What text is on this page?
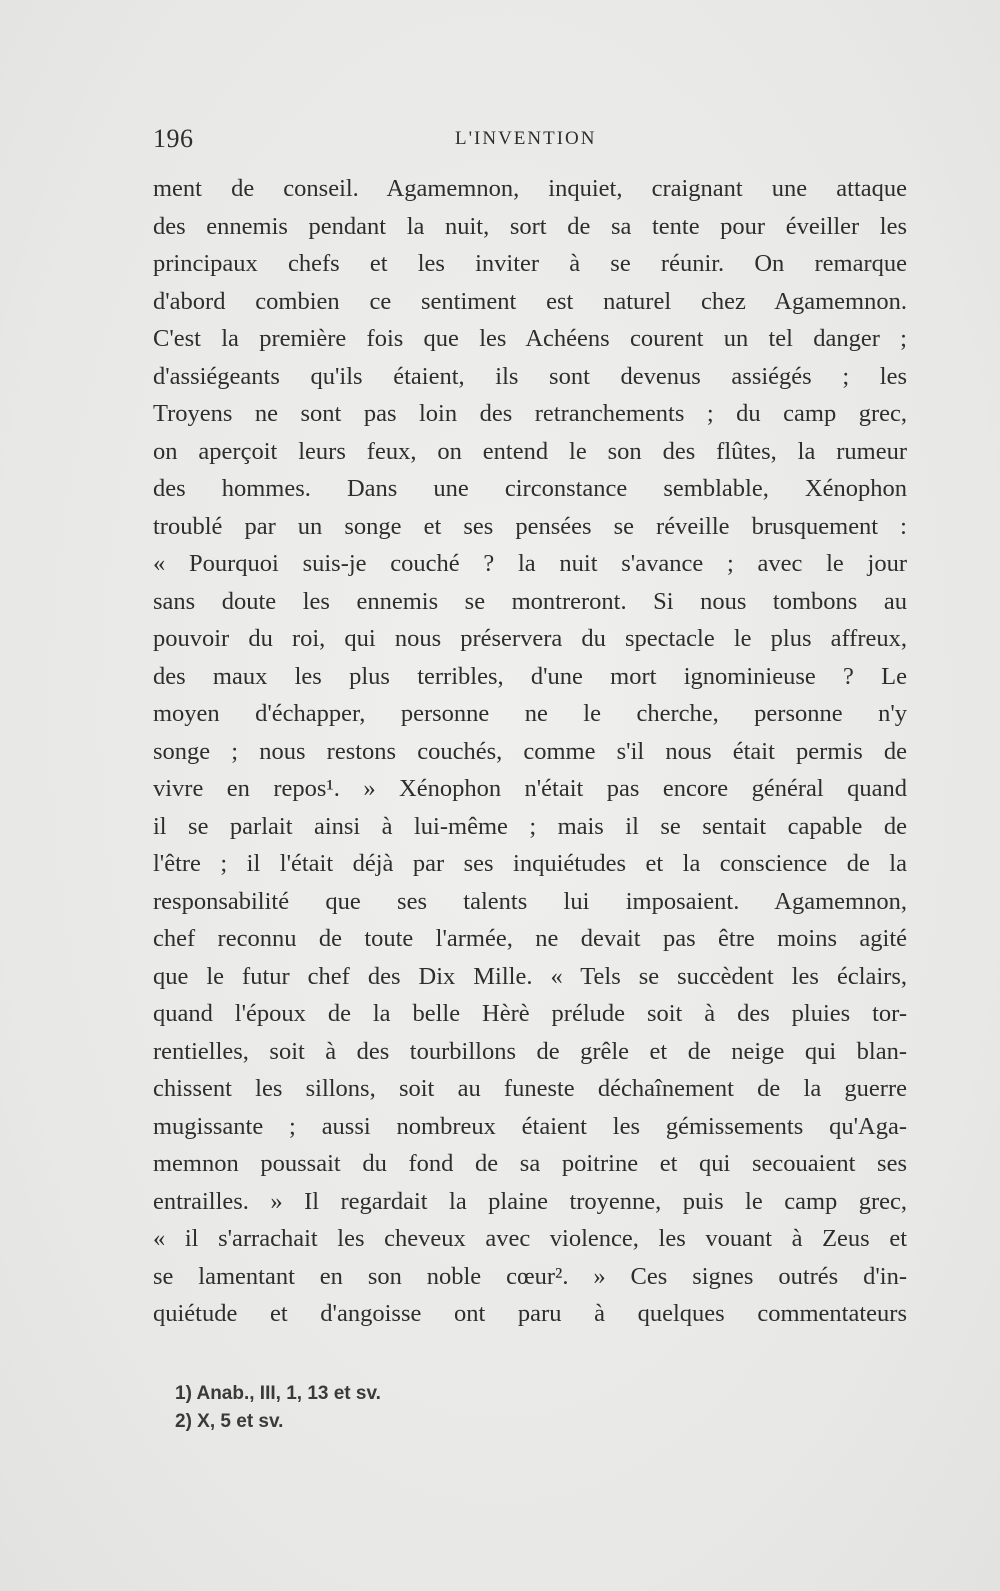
196	L'INVENTION
ment de conseil. Agamemnon, inquiet, craignant une attaque
des ennemis pendant la nuit, sort de sa tente pour éveiller les
principaux chefs et les inviter à se réunir. On remarque
d'abord combien ce sentiment est naturel chez Agamemnon.
C'est la première fois que les Achéens courent un tel danger ;
d'assiégeants qu'ils étaient, ils sont devenus assiégés ; les
Troyens ne sont pas loin des retranchements ; du camp grec,
on aperçoit leurs feux, on entend le son des flûtes, la rumeur
des hommes. Dans une circonstance semblable, Xénophon
troublé par un songe et ses pensées se réveille brusquement :
« Pourquoi suis-je couché ? la nuit s'avance ; avec le jour
sans doute les ennemis se montreront. Si nous tombons au
pouvoir du roi, qui nous préservera du spectacle le plus affreux,
des maux les plus terribles, d'une mort ignominieuse ? Le
moyen d'échapper, personne ne le cherche, personne n'y
songe ; nous restons couchés, comme s'il nous était permis de
vivre en repos¹. » Xénophon n'était pas encore général quand
il se parlait ainsi à lui-même ; mais il se sentait capable de
l'être ; il l'était déjà par ses inquiétudes et la conscience de la
responsabilité que ses talents lui imposaient. Agamemnon,
chef reconnu de toute l'armée, ne devait pas être moins agité
que le futur chef des Dix Mille. « Tels se succèdent les éclairs,
quand l'époux de la belle Hèrè prélude soit à des pluies tor-
rentielles, soit à des tourbillons de grêle et de neige qui blan-
chissent les sillons, soit au funeste déchaînement de la guerre
mugissante ; aussi nombreux étaient les gémissements qu'Aga-
memnon poussait du fond de sa poitrine et qui secouaient ses
entrailles. » Il regardait la plaine troyenne, puis le camp grec,
« il s'arrachait les cheveux avec violence, les vouant à Zeus et
se lamentant en son noble cœur². » Ces signes outrés d'in-
quiétude et d'angoisse ont paru à quelques commentateurs
1) Anab., III, 1, 13 et sv.
2) X, 5 et sv.
